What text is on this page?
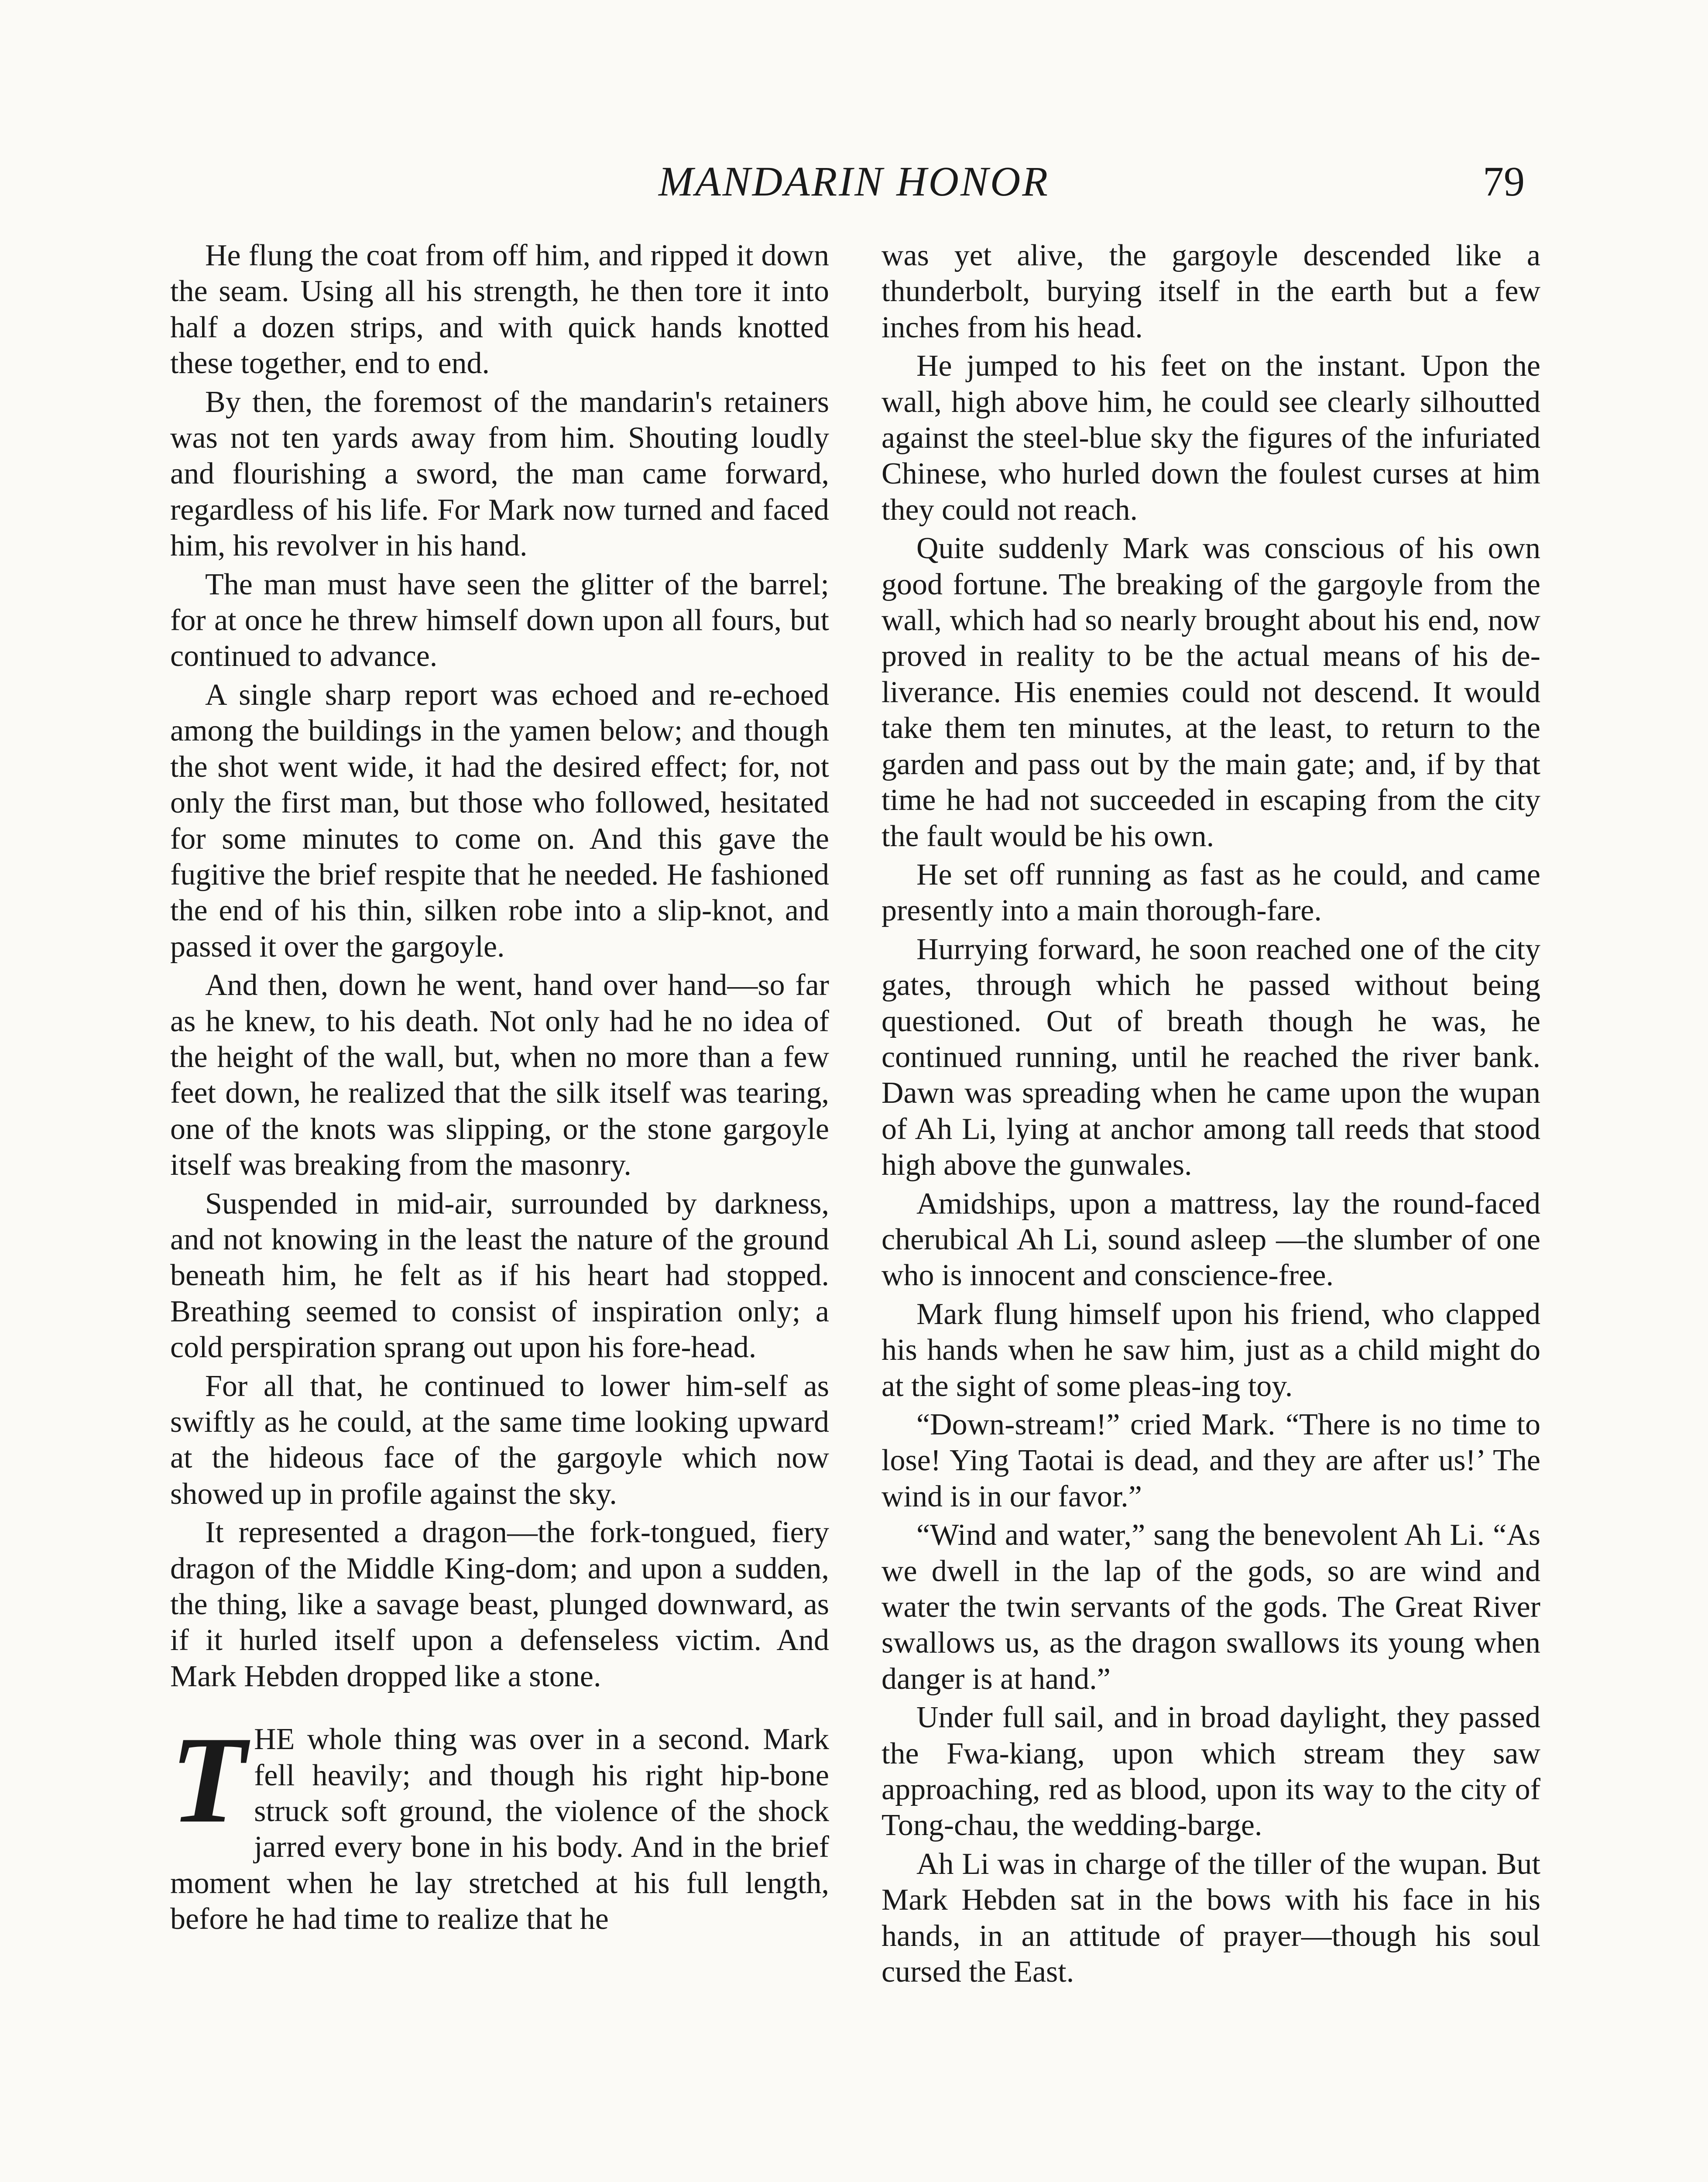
MANDARIN HONOR	79

He flung the coat from off him, and ripped it down the seam. Using all his strength, he then tore it into half a dozen strips, and with quick hands knotted these together, end to end.

By then, the foremost of the mandarin's retainers was not ten yards away from him. Shouting loudly and flourishing a sword, the man came forward, regardless of his life. For Mark now turned and faced him, his revolver in his hand.

The man must have seen the glitter of the barrel; for at once he threw himself down upon all fours, but continued to advance.

A single sharp report was echoed and re-echoed among the buildings in the yamen below; and though the shot went wide, it had the desired effect; for, not only the first man, but those who followed, hesitated for some minutes to come on. And this gave the fugitive the brief respite that he needed. He fashioned the end of his thin, silken robe into a slip-knot, and passed it over the gargoyle.

And then, down he went, hand over hand—so far as he knew, to his death. Not only had he no idea of the height of the wall, but, when no more than a few feet down, he realized that the silk itself was tearing, one of the knots was slipping, or the stone gargoyle itself was breaking from the masonry.

Suspended in mid-air, surrounded by darkness, and not knowing in the least the nature of the ground beneath him, he felt as if his heart had stopped. Breathing seemed to consist of inspiration only; a cold perspiration sprang out upon his fore-head.

For all that, he continued to lower him-self as swiftly as he could, at the same time looking upward at the hideous face of the gargoyle which now showed up in profile against the sky.

It represented a dragon—the fork-tongued, fiery dragon of the Middle King-dom; and upon a sudden, the thing, like a savage beast, plunged downward, as if it hurled itself upon a defenseless victim. And Mark Hebden dropped like a stone.

T HE whole thing was over in a second. Mark fell heavily; and though his right hip-bone struck soft ground, the violence of the shock jarred every bone in his body. And in the brief moment when he lay stretched at his full length, before he had time to realize that he

was yet alive, the gargoyle descended like a thunderbolt, burying itself in the earth but a few inches from his head.

He jumped to his feet on the instant. Upon the wall, high above him, he could see clearly silhoutted against the steel-blue sky the figures of the infuriated Chinese, who hurled down the foulest curses at him they could not reach.

Quite suddenly Mark was conscious of his own good fortune. The breaking of the gargoyle from the wall, which had so nearly brought about his end, now proved in reality to be the actual means of his de-liverance. His enemies could not descend. It would take them ten minutes, at the least, to return to the garden and pass out by the main gate; and, if by that time he had not succeeded in escaping from the city the fault would be his own.

He set off running as fast as he could, and came presently into a main thorough-fare.

Hurrying forward, he soon reached one of the city gates, through which he passed without being questioned. Out of breath though he was, he continued running, until he reached the river bank. Dawn was spreading when he came upon the wupan of Ah Li, lying at anchor among tall reeds that stood high above the gunwales.

Amidships, upon a mattress, lay the round-faced cherubical Ah Li, sound asleep —the slumber of one who is innocent and conscience-free.

Mark flung himself upon his friend, who clapped his hands when he saw him, just as a child might do at the sight of some pleas-ing toy.

“Down-stream!” cried Mark. “There is no time to lose! Ying Taotai is dead, and they are after us!’ The wind is in our favor.”

“Wind and water,” sang the benevolent Ah Li. “As we dwell in the lap of the gods, so are wind and water the twin servants of the gods. The Great River swallows us, as the dragon swallows its young when danger is at hand.”

Under full sail, and in broad daylight, they passed the Fwa-kiang, upon which stream they saw approaching, red as blood, upon its way to the city of Tong-chau, the wedding-barge.

Ah Li was in charge of the tiller of the wupan. But Mark Hebden sat in the bows with his face in his hands, in an attitude of prayer—though his soul cursed the East.
